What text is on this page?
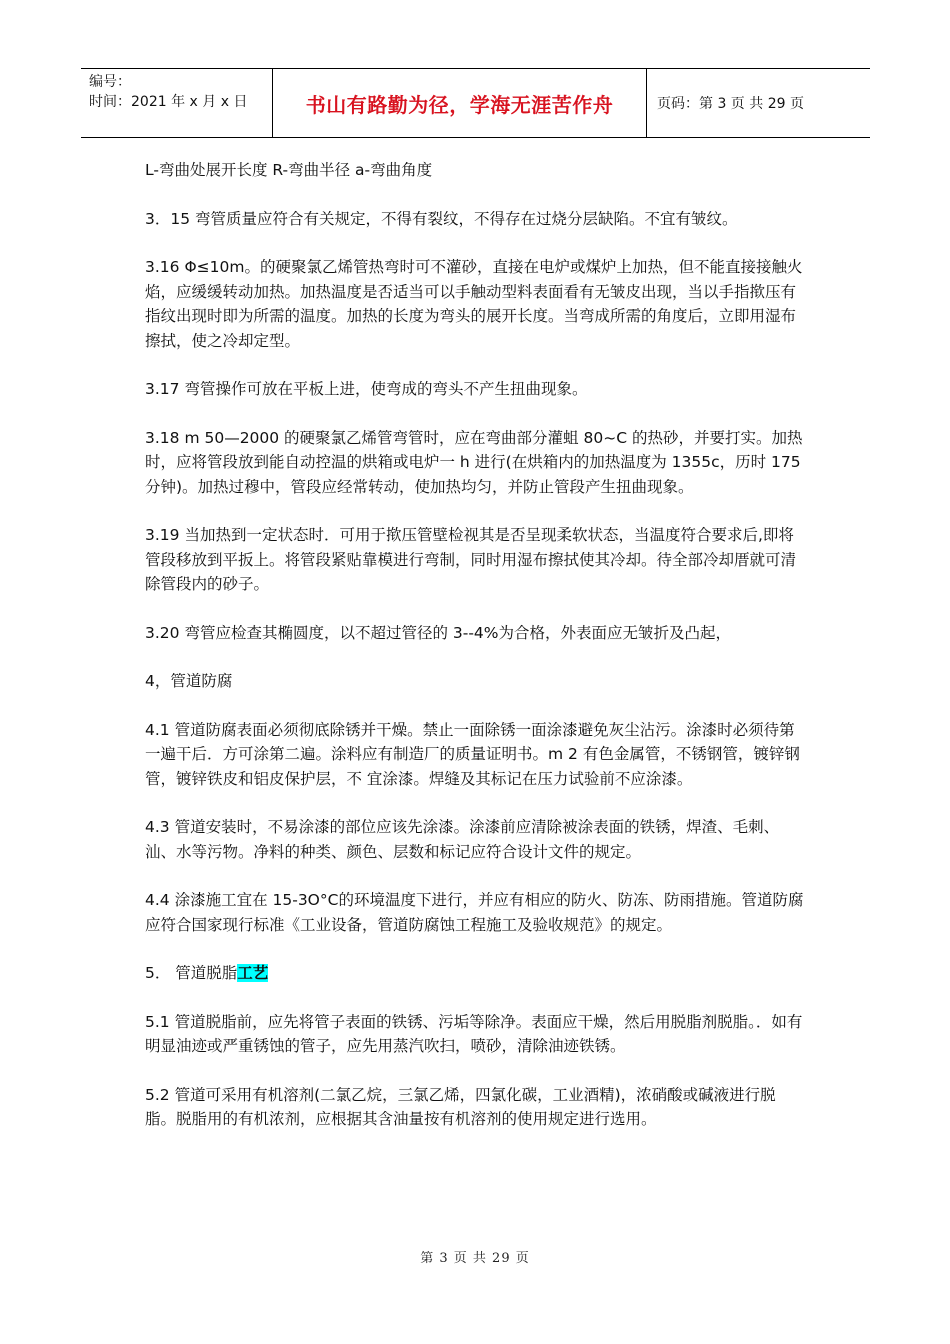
编号：
时间：2021 年 x 月 x 日	书山有路勤为径，学海无涯苦作舟	页码：第 3 页 共 29 页

L-弯曲处展开长度 R-弯曲半径 a-弯曲角度

3．15 弯管质量应符合有关规定，不得有裂纹，不得存在过烧分层缺陷。不宜有皱纹。

3.16 Φ≤10m。的硬聚氯乙烯管热弯时可不灌砂，直接在电炉或煤炉上加热，但不能直接接触火焰，应缓缓转动加热。加热温度是否适当可以手触动型料表面看有无皱皮出现，当以手指揿压有指纹出现时即为所需的温度。加热的长度为弯头的展开长度。当弯成所需的角度后，立即用湿布擦拭，使之冷却定型。

3.17 弯管操作可放在平板上进，使弯成的弯头不产生扭曲现象。

3.18 m 50—2000 的硬聚氯乙烯管弯管时，应在弯曲部分灌蛆 80~C 的热砂，并要打实。加热时，应将管段放到能自动控温的烘箱或电炉一 h 进行(在烘箱内的加热温度为 1355c，历时 175 分钟)。加热过穆中，管段应经常转动，使加热均匀，并防止管段产生扭曲现象。

3.19 当加热到一定状态时．可用于揿压管壁检视其是否呈现柔软状态，当温度符合要求后,即将管段移放到平扳上。将管段紧贴靠模进行弯制，同时用湿布擦拭使其冷却。待全部冷却厝就可清除管段内的砂子。

3.20 弯管应检查其椭圆度，以不超过管径的 3--4%为合格，外表面应无皱折及凸起，

4，管道防腐

4.1 管道防腐表面必须彻底除锈并干燥。禁止一面除锈一面涂漆避免灰尘沾污。涂漆时必须待第一遍干后．方可涂第二遍。涂料应有制造厂的质量证明书。m 2 有色金属管，不锈钢管，镀锌钢管，镀锌铁皮和铝皮保护层，不 宜涂漆。焊缝及其标记在压力试验前不应涂漆。

4.3 管道安装时，不易涂漆的部位应该先涂漆。涂漆前应清除被涂表面的铁锈，焊渣、毛刺、汕、水等污物。净料的种类、颜色、层数和标记应符合设计文件的规定。

4.4 涂漆施工宜在 15-3O°C的环境温度下进行，并应有相应的防火、防冻、防雨措施。管道防腐应符合国家现行标准《工业设备，管道防腐蚀工程施工及验收规范》的规定。

5． 管道脱脂工艺

5.1 管道脱脂前，应先将管子表面的铁锈、污垢等除净。表面应干燥，然后用脱脂剂脱脂。．如有明显油迹或严重锈蚀的管子，应先用蒸汽吹扫，喷砂，清除油迹铁锈。

5.2 管道可采用有机溶剂(二氯乙烷，三氯乙烯，四氯化碳，工业酒精)，浓硝酸或碱液进行脱脂。脱脂用的有机浓剂，应根据其含油量按有机溶剂的使用规定进行选用。

第 3 页 共 29 页
